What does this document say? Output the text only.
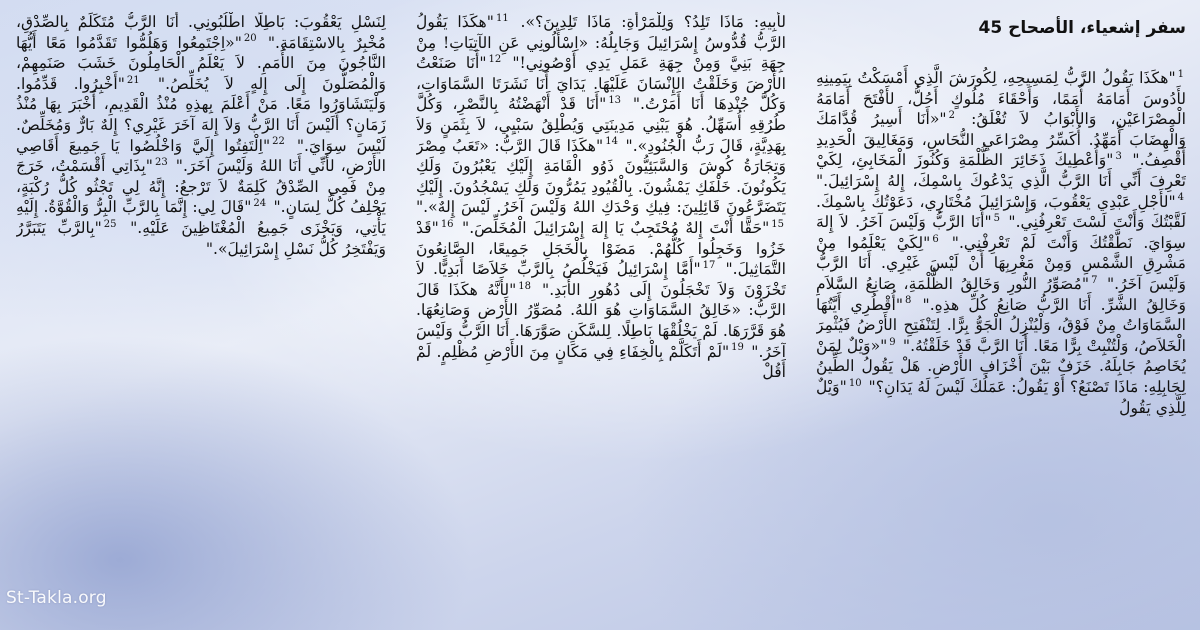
سفر إشعياء، الأصحاح 45
$^1$"هكَذَا يَقُولُ الرَّبُّ لِمَسِيحِهِ، لِكُورَشَ الَّذِي أَمْسَكْتُ بِيَمِينِهِ لأَدُوسَ أَمَامَهُ أُمَمًا، وَأَحْقَاءَ مُلُوكٍ أَحُلُّ، لأَفْتَحَ أَمَامَهُ الْمِصْرَاعَيْنِ، وَالأَبْوَابُ لاَ تُغْلَقُ: $^2$"«أَنَا أَسِيرُ قُدَّامَكَ وَالْهِضَابَ أُمَهِّدُ. أُكَسِّرُ مِصْرَاعَيِ النُّحَاسِ، وَمَغَالِيقَ الْحَدِيدِ أَقْصِفُ." $^3$"وَأُعْطِيكَ ذَخَائِرَ الظُّلْمَةِ وَكُنُوزَ الْمَخَابِئِ، لِكَيْ تَعْرِفَ أَنِّي أَنَا الرَّبُّ الَّذِي يَدْعُوكَ بِاسْمِكَ، إِلهُ إِسْرَائِيلَ." $^4$"لأَجْلِ عَبْدِي يَعْقُوبَ، وَإِسْرَائِيلَ مُخْتَارِي، دَعَوْتُكَ بِاسْمِكَ. لَقَّبْتُكَ وَأَنْتَ لَسْتَ تَعْرِفُنِي." $^5$"أَنَا الرَّبُّ وَلَيْسَ آخَرُ. لاَ إِلهَ سِوَايَ. نَطَّقْتُكَ وَأَنْتَ لَمْ تَعْرِفْنِي." $^6$"لِكَيْ يَعْلَمُوا مِنْ مَشْرِقِ الشَّمْسِ وَمِنْ مَغْرِبِهَا أَنْ لَيْسَ غَيْرِي. أَنَا الرَّبُّ وَلَيْسَ آخَرُ." $^7$"مُصَوِّرُ النُّورِ وَخَالِقُ الظُّلْمَةِ، صَانِعُ السَّلاَمِ وَخَالِقُ الشَّرِّ. أَنَا الرَّبُّ صَانِعُ كُلِّ هذِهِ." $^8$"أُقْطُرِي أَيَّتُهَا السَّمَاوَاتُ مِنْ فَوْقُ، وَلْيُنْزِلُ الْجَوُّ بِرًّا. لِتَنْفَتِحِ الأَرْضُ فَيُثْمِرَ الْخَلاَصُ، وَلْتُنْبِتْ بِرًّا مَعًا. أَنَا الرَّبَّ قَدْ خَلَقْتُهُ." $^9$"«وَيْلٌ لِمَنْ يُخَاصِمُ جَابِلَهُ. خَزَفٌ بَيْنَ أَخْزَافِ الأَرْضِ. هَلْ يَقُولُ الطِّينُ لِجَابِلِهِ: مَاذَا تَصْنَعُ؟ أَوْ يَقُولُ: عَمَلُكَ لَيْسَ لَهُ يَدَانِ؟" $^{10}$"وَيْلٌ لِلَّذِي يَقُولُ
لأَبِيهِ: مَاذَا تَلِدُ؟ وَلِلْمَرْأَةِ: مَاذَا تَلِدِينَ؟». $^{11}$"هكَذَا يَقُولُ الرَّبُّ قُدُّوسُ إِسْرَائِيلَ وَجَابِلُهُ: «اِسْأَلُونِي عَنِ الآتِيَاتِ! مِنْ جِهَةِ بَنِيَّ وَمِنْ جِهَةِ عَمَلِ يَدِي أَوْصُونِي!" $^{12}$"أَنَا صَنَعْتُ الأَرْضَ وَخَلَقْتُ الإِنْسَانَ عَلَيْهَا. يَدَايَ أَنَا نَشَرَتَا السَّمَاوَاتِ، وَكُلَّ جُنْدِهَا أَنَا أَمَرْتُ." $^{13}$"أَنَا قَدْ أَنْهَضْتُهُ بِالنَّصْرِ، وَكُلَّ طُرُقِهِ أُسَهِّلُ. هُوَ يَبْنِي مَدِينَتِي وَيُطْلِقُ سَبْيِي، لاَ بِثَمَنٍ وَلاَ بِهَدِيَّةٍ، قَالَ رَبُّ الْجُنُودِ»." $^{14}$"هكَذَا قَالَ الرَّبُّ: «تَعَبُ مِصْرَ وَتِجَارَةُ كُوشَ وَالسَّبَئِيُّونَ ذَوُو الْقَامَةِ إِلَيْكِ يَعْبُرُونَ وَلَكِ يَكُونُونَ. خَلْفَكِ يَمْشُونَ. بِالْقُيُودِ يَمُرُّونَ وَلَكِ يَسْجُدُونَ. إِلَيْكِ يَتَضَرَّعُونَ قَائِلِينَ: فِيكِ وَحْدَكِ اللهُ وَلَيْسَ آخَرُ. لَيْسَ إِلهٌ»." $^{15}$"حَقًّا أَنْتَ إِلهٌ مُحْتَجِبٌ يَا إِلهَ إِسْرَائِيلَ الْمُخَلِّصَ." $^{16}$"قَدْ خَزُوا وَخَجِلُوا كُلُّهُمْ. مَضَوْا بِالْخَجَلِ جَمِيعًا، الصَّانِعُونَ التَّمَاثِيلَ." $^{17}$"أَمَّا إِسْرَائِيلُ فَيَخْلُصُ بِالرَّبِّ خَلاَصًا أَبَدِيًّا. لاَ تَخْزَوْنَ وَلاَ تَخْجَلُونَ إِلَى دُهُورِ الأَبَدِ." $^{18}$"لأَنَّهُ هكَذَا قَالَ الرَّبُّ: «خَالِقُ السَّمَاوَاتِ هُوَ اللهُ. مُصَوِّرُ الأَرْضِ وَصَانِعُهَا. هُوَ قَرَّرَهَا. لَمْ يَخْلُقْهَا بَاطِلًا. لِلسَّكَنِ صَوَّرَهَا. أَنَا الرَّبُّ وَلَيْسَ آخَرُ." $^{19}$"لَمْ أَتَكَلَّمْ بِالْخِفَاءِ فِي مَكَانٍ مِنَ الأَرْضِ مُظْلِمٍ. لَمْ أَقُلْ
لِنَسْلِ يَعْقُوبَ: بَاطِلًا اطْلُبُونِي. أَنَا الرَّبُّ مُتَكَلِّمٌ بِالصِّدْقِ، مُخْبِرٌ بِالاسْتِقَامَةِ." $^{20}$"«اِجْتَمِعُوا وَهَلُمُّوا تَقَدَّمُوا مَعًا أَيُّهَا النَّاجُونَ مِنَ الأُمَمِ. لاَ يَعْلَمُ الْحَامِلُونَ خَشَبَ صَنَمِهِمْ، وَالْمُصَلُّونَ إِلَى إِلهٍ لاَ يُخَلِّصُ." $^{21}$"أَخْبِرُوا. قَدِّمُوا. وَلْيَتَشَاوَرُوا مَعًا. مَنْ أَعْلَمَ بِهذِهِ مُنْذُ الْقَدِيمِ، أَخْبَرَ بِهَا مُنْذُ زَمَانٍ؟ أَلَيْسَ أَنَا الرَّبُّ وَلاَ إِلهَ آخَرَ غَيْرِي؟ إِلهٌ بَارٌّ وَمُخَلِّصٌ. لَيْسَ سِوَايَ." $^{22}$"اِلْتَفِتُوا إِلَيَّ وَاخْلُصُوا يَا جَمِيعَ أَقَاصِي الأَرْضِ، لأَنِّي أَنَا اللهُ وَلَيْسَ آخَرَ." $^{23}$"بِذَاتِي أَقْسَمْتُ، خَرَجَ مِنْ فَمِي الصِّدْقُ كَلِمَةٌ لاَ تَرْجعُ: إِنَّهُ لِي تَجْثُو كُلُّ رُكْبَةٍ، يَحْلِفُ كُلُّ لِسَانٍ." $^{24}$"قَالَ لِي: إِنَّمَا بِالرَّبِّ الْبِرُّ وَالْقُوَّةُ. إِلَيْهِ يَأْتِي، وَيَخْزَى جَمِيعُ الْمُغْتَاظِينَ عَلَيْهِ." $^{25}$"بِالرَّبِّ يَتَبَرَّرُ وَيَفْتَخِرُ كُلُّ نَسْلِ إِسْرَائِيلَ»."
St-Takla.org
